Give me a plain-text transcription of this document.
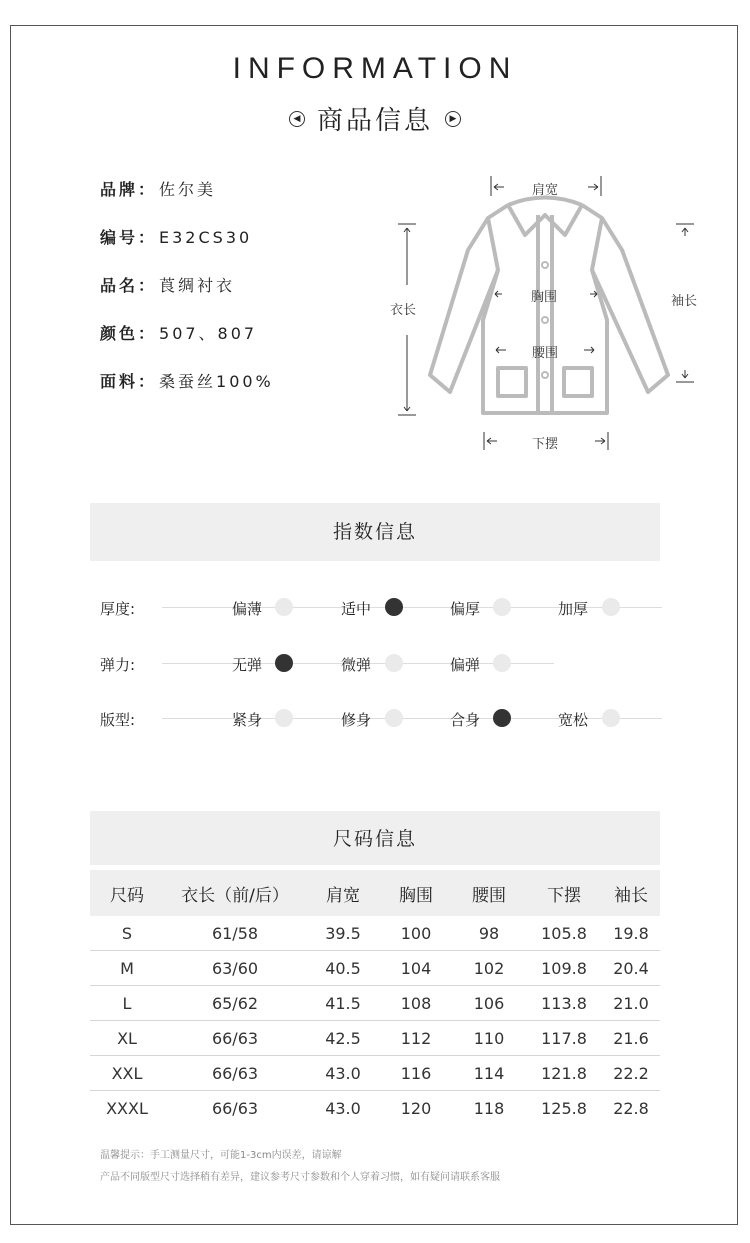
INFORMATION
◀ 商品信息 ▶
品牌： 佐尔美
编号： E32CS30
品名： 莨绸衬衣
颜色： 507、807
面料： 桑蚕丝100%
肩宽
衣长
胸围
腰围
下摆
袖长
指数信息
厚度:	偏薄	适中	偏厚	加厚
弹力:	无弹	微弹	偏弹
版型:	紧身	修身	合身	宽松
尺码信息
尺码	衣长（前/后）	肩宽	胸围	腰围	下摆	袖长
S	61/58	39.5	100	98	105.8	19.8
M	63/60	40.5	104	102	109.8	20.4
L	65/62	41.5	108	106	113.8	21.0
XL	66/63	42.5	112	110	117.8	21.6
XXL	66/63	43.0	116	114	121.8	22.2
XXXL	66/63	43.0	120	118	125.8	22.8
温馨提示：手工测量尺寸，可能1-3cm内误差，请谅解
产品不同版型尺寸选择稍有差异，建议参考尺寸参数和个人穿着习惯，如有疑问请联系客服
